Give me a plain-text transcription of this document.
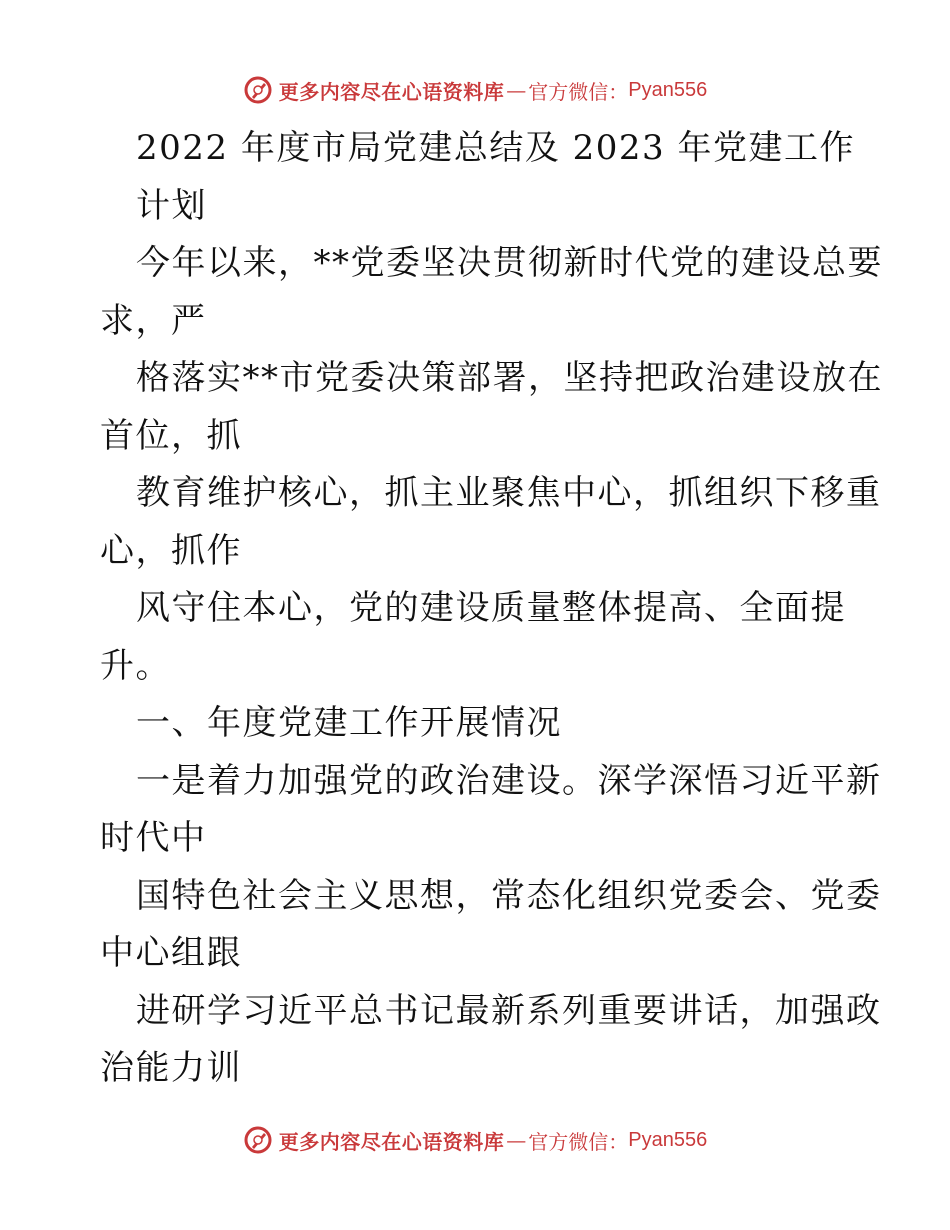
更多内容尽在心语资料库 — 官方微信： Pyan556
2022 年度市局党建总结及 2023 年党建工作
计划
今年以来，**党委坚决贯彻新时代党的建设总要
求，严
格落实**市党委决策部署，坚持把政治建设放在
首位，抓
教育维护核心，抓主业聚焦中心，抓组织下移重
心，抓作
风守住本心，党的建设质量整体提高、全面提
升。
一、年度党建工作开展情况
一是着力加强党的政治建设。深学深悟习近平新
时代中
国特色社会主义思想，常态化组织党委会、党委
中心组跟
进研学习近平总书记最新系列重要讲话，加强政
治能力训
更多内容尽在心语资料库 — 官方微信： Pyan556
